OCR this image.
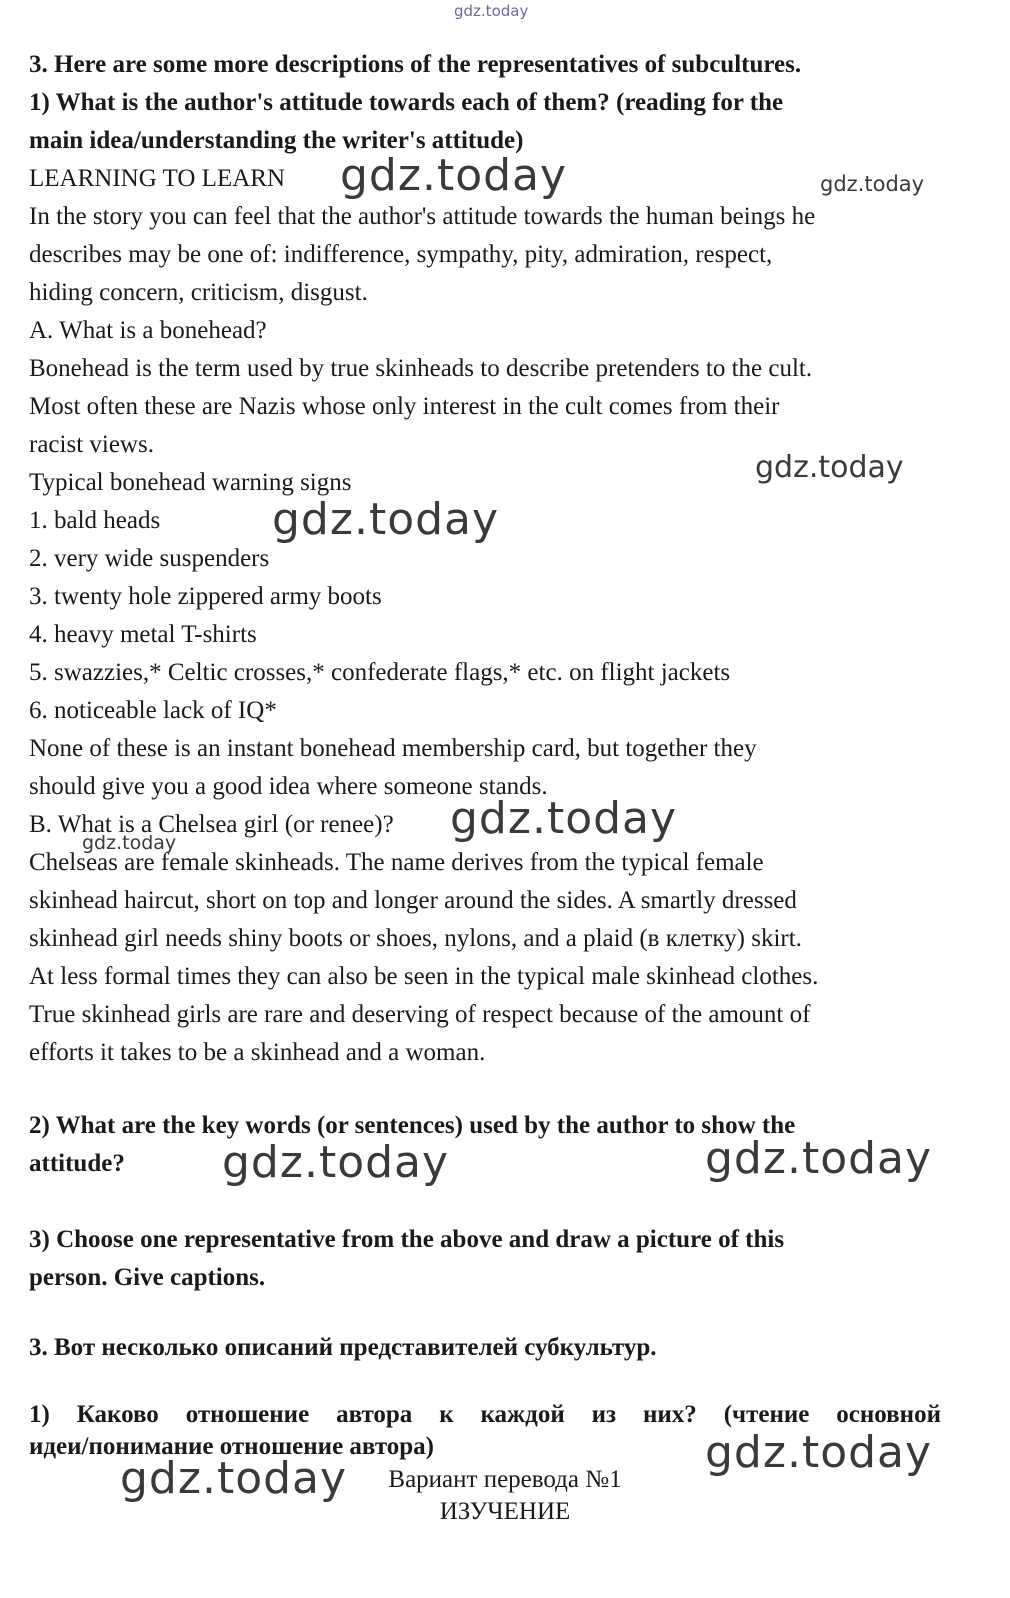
gdz.today
3. Here are some more descriptions of the representatives of subcultures.
1) What is the author's attitude towards each of them? (reading for the
main idea/understanding the writer's attitude)
LEARNING TO LEARN
In the story you can feel that the author's attitude towards the human beings he
describes may be one of: indifference, sympathy, pity, admiration, respect,
hiding concern, criticism, disgust.
A. What is a bonehead?
Bonehead is the term used by true skinheads to describe pretenders to the cult.
Most often these are Nazis whose only interest in the cult comes from their
racist views.
Typical bonehead warning signs
1. bald heads
2. very wide suspenders
3. twenty hole zippered army boots
4. heavy metal T-shirts
5. swazzies,* Celtic crosses,* confederate flags,* etc. on flight jackets
6. noticeable lack of IQ*
None of these is an instant bonehead membership card, but together they
should give you a good idea where someone stands.
B. What is a Chelsea girl (or renee)?
Chelseas are female skinheads. The name derives from the typical female
skinhead haircut, short on top and longer around the sides. A smartly dressed
skinhead girl needs shiny boots or shoes, nylons, and a plaid (в клетку) skirt.
At less formal times they can also be seen in the typical male skinhead clothes.
True skinhead girls are rare and deserving of respect because of the amount of
efforts it takes to be a skinhead and a woman.
2) What are the key words (or sentences) used by the author to show the
attitude?
3) Choose one representative from the above and draw a picture of this
person. Give captions.
3. Вот несколько описаний представителей субкультур.
1) Каково отношение автора к каждой из них? (чтение основной
идеи/понимание отношение автора)
Вариант перевода №1
ИЗУЧЕНИЕ
gdz.today	gdz.today
gdz.today
gdz.today
gdz.today
gdz.today
gdz.today	gdz.today
gdz.today
gdz.today
